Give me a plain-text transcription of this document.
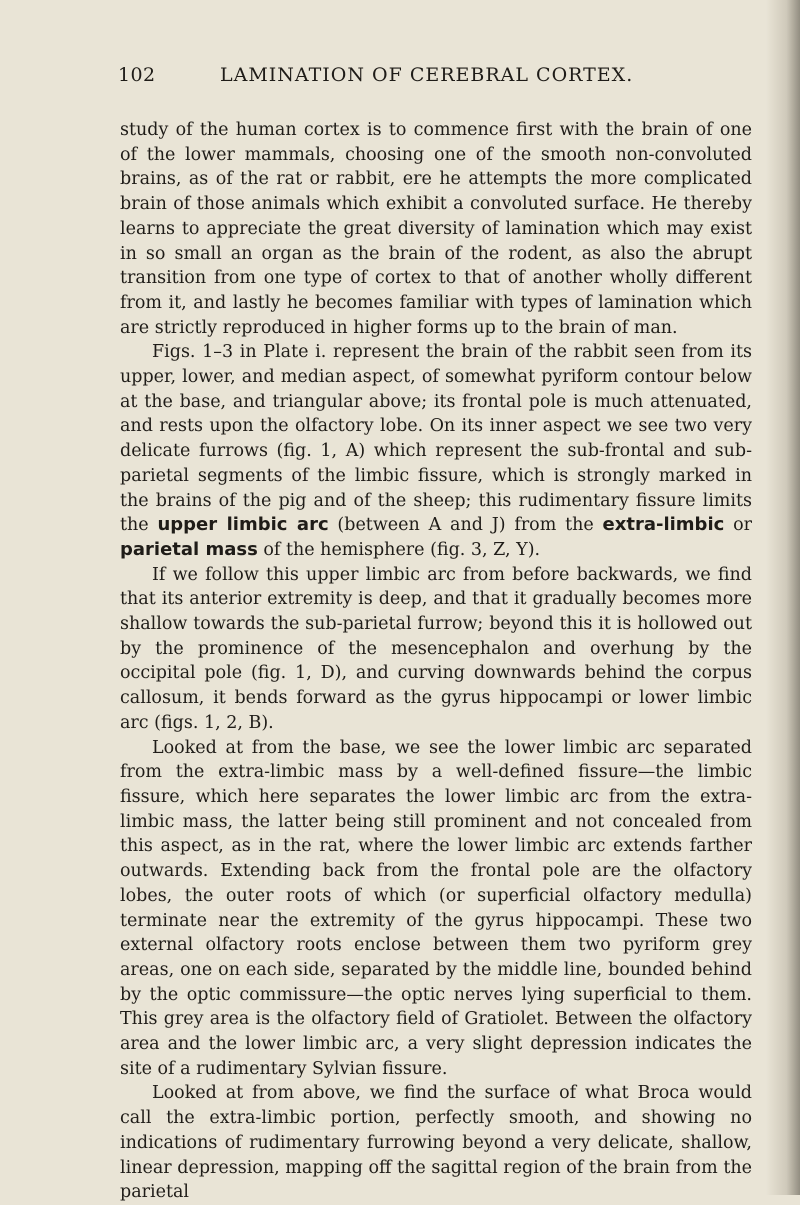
102	LAMINATION OF CEREBRAL CORTEX.

study of the human cortex is to commence first with the brain of one of the lower mammals, choosing one of the smooth non-convoluted brains, as of the rat or rabbit, ere he attempts the more complicated brain of those animals which exhibit a convoluted surface. He thereby learns to appreciate the great diversity of lamination which may exist in so small an organ as the brain of the rodent, as also the abrupt transition from one type of cortex to that of another wholly different from it, and lastly he becomes familiar with types of lamination which are strictly reproduced in higher forms up to the brain of man.

Figs. 1–3 in Plate i. represent the brain of the rabbit seen from its upper, lower, and median aspect, of somewhat pyriform contour below at the base, and triangular above; its frontal pole is much attenuated, and rests upon the olfactory lobe. On its inner aspect we see two very delicate furrows (fig. 1, A) which represent the sub-frontal and sub-parietal segments of the limbic fissure, which is strongly marked in the brains of the pig and of the sheep; this rudimentary fissure limits the upper limbic arc (between A and J) from the extra-limbic or parietal mass of the hemisphere (fig. 3, Z, Y).

If we follow this upper limbic arc from before backwards, we find that its anterior extremity is deep, and that it gradually becomes more shallow towards the sub-parietal furrow; beyond this it is hollowed out by the prominence of the mesencephalon and overhung by the occipital pole (fig. 1, D), and curving downwards behind the corpus callosum, it bends forward as the gyrus hippocampi or lower limbic arc (figs. 1, 2, B).

Looked at from the base, we see the lower limbic arc separated from the extra-limbic mass by a well-defined fissure—the limbic fissure, which here separates the lower limbic arc from the extra-limbic mass, the latter being still prominent and not concealed from this aspect, as in the rat, where the lower limbic arc extends farther outwards. Extending back from the frontal pole are the olfactory lobes, the outer roots of which (or superficial olfactory medulla) terminate near the extremity of the gyrus hippocampi. These two external olfactory roots enclose between them two pyriform grey areas, one on each side, separated by the middle line, bounded behind by the optic commissure—the optic nerves lying superficial to them. This grey area is the olfactory field of Gratiolet. Between the olfactory area and the lower limbic arc, a very slight depression indicates the site of a rudimentary Sylvian fissure.

Looked at from above, we find the surface of what Broca would call the extra-limbic portion, perfectly smooth, and showing no indications of rudimentary furrowing beyond a very delicate, shallow, linear depression, mapping off the sagittal region of the brain from the parietal
